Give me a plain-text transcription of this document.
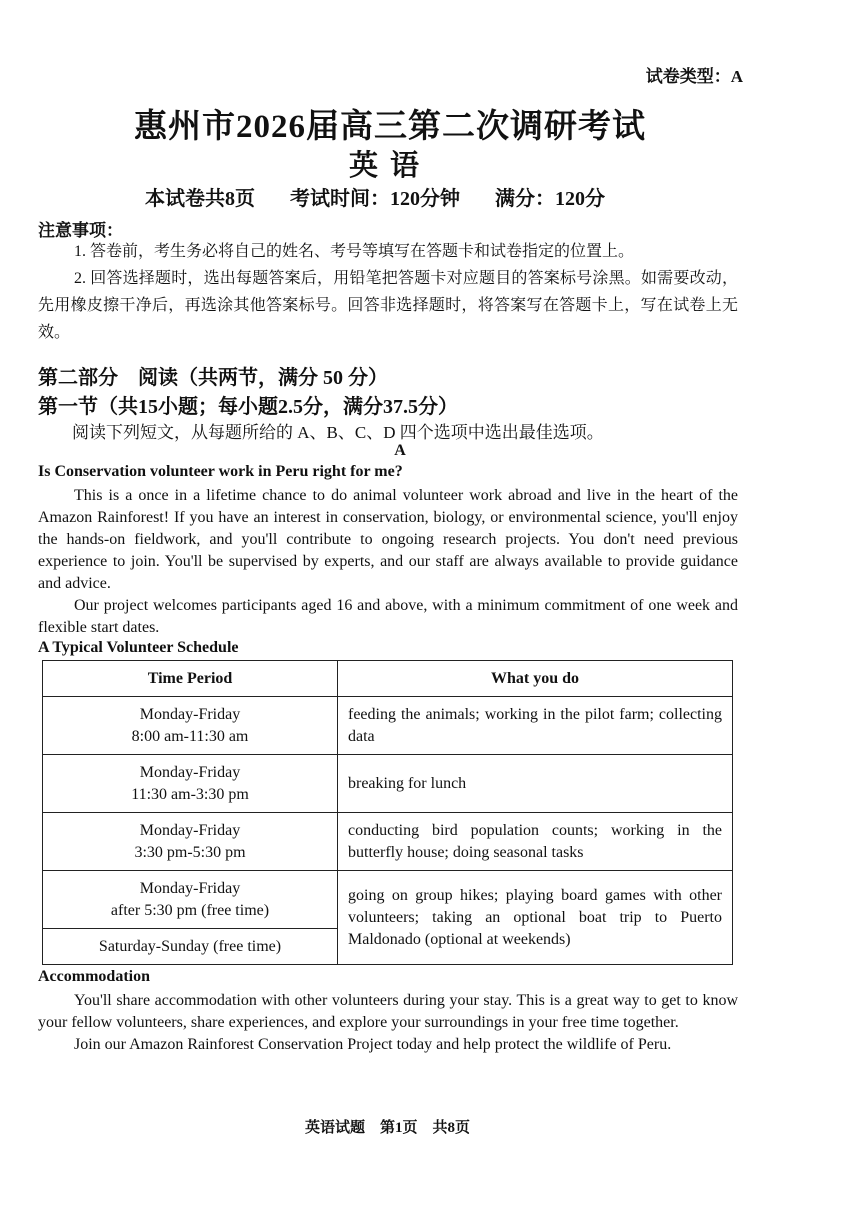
试卷类型：A
惠州市2026届高三第二次调研考试
英语
本试卷共8页 考试时间：120分钟 满分：120分
注意事项：

1. 答卷前，考生务必将自己的姓名、考号等填写在答题卡和试卷指定的位置上。

2. 回答选择题时，选出每题答案后，用铅笔把答题卡对应题目的答案标号涂黑。如需要改动，先用橡皮擦干净后，再选涂其他答案标号。回答非选择题时，将答案写在答题卡上，写在试卷上无效。

第二部分　阅读（共两节，满分 50 分）
第一节（共15小题；每小题2.5分，满分37.5分）
阅读下列短文，从每题所给的 A、B、C、D 四个选项中选出最佳选项。
A
Is Conservation volunteer work in Peru right for me?

This is a once in a lifetime chance to do animal volunteer work abroad and live in the heart of the Amazon Rainforest! If you have an interest in conservation, biology, or environmental science, you'll enjoy the hands-on fieldwork, and you'll contribute to ongoing research projects. You don't need previous experience to join. You'll be supervised by experts, and our staff are always available to provide guidance and advice.

Our project welcomes participants aged 16 and above, with a minimum commitment of one week and flexible start dates.

A Typical Volunteer Schedule
Time Period	What you do

Monday-Friday
8:00 am-11:30 am	feeding the animals; working in the pilot farm; collecting data

Monday-Friday
11:30 am-3:30 pm	breaking for lunch

Monday-Friday
3:30 pm-5:30 pm	conducting bird population counts; working in the butterfly house; doing seasonal tasks

Monday-Friday
after 5:30 pm (free time)	going on group hikes; playing board games with other volunteers; taking an optional boat trip to Puerto Maldonado (optional at weekends)

Saturday-Sunday (free time)	
Accommodation

You'll share accommodation with other volunteers during your stay. This is a great way to get to know your fellow volunteers, share experiences, and explore your surroundings in your free time together.

Join our Amazon Rainforest Conservation Project today and help protect the wildlife of Peru.

英语试题　第1页　共8页
